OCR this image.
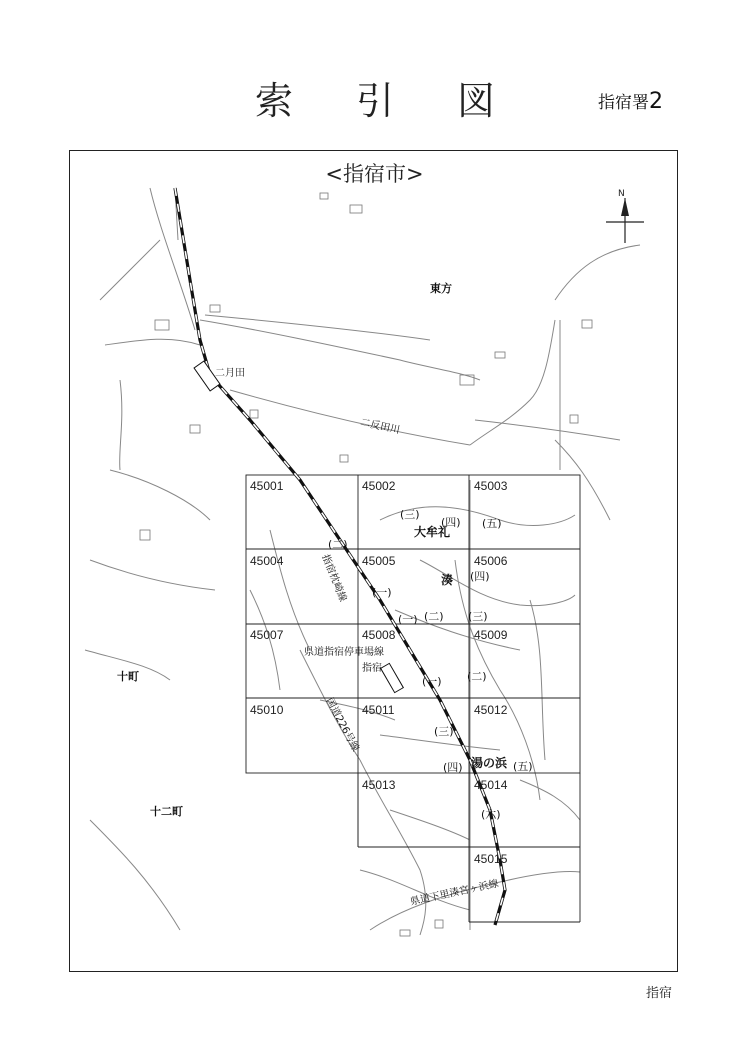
索 引 図	指宿署2
<指宿市>
N
45001	45002	45003
45004	45005	45006
45007	45008	45009
45010	45011	45012
45013	45014
45015
東方
二月田
二反田川
大牟礼
湊
指宿
湯の浜
十町
十二町
(三)
(四) (五)
(二)
(一)
(一) (二) (三)
(四)
(一) (二)
(三)
(四)	(五)
(六)
指宿枕崎線
県道指宿停車場線
国道226号線
県道下里湊宮ヶ浜線
指宿
